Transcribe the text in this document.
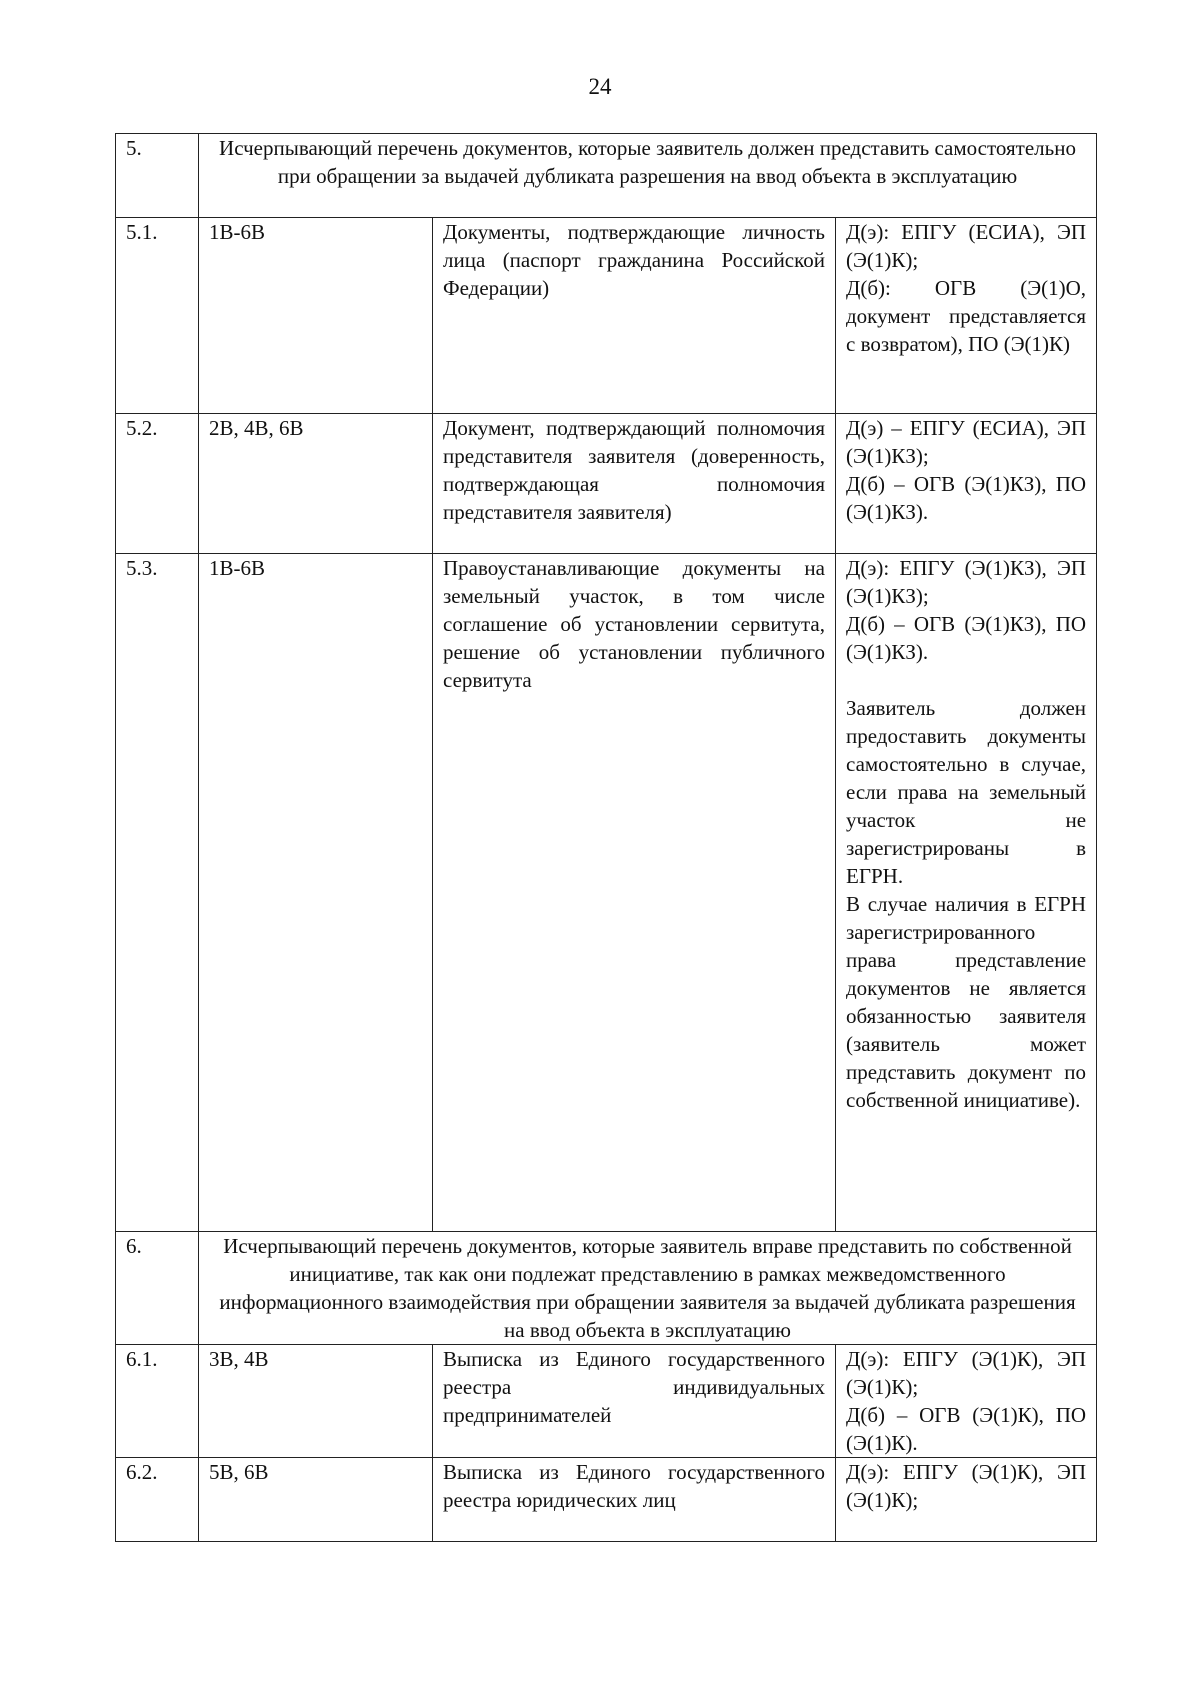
24
5.	Исчерпывающий перечень документов, которые заявитель должен представить самостоятельно при обращении за выдачей дубликата разрешения на ввод объекта в эксплуатацию		
5.1.	1В-6В	Документы, подтверждающие личность лица (паспорт гражданина Российской Федерации)	Д(э): ЕПГУ (ЕСИА), ЭП (Э(1)К);

Д(б): ОГВ (Э(1)О, документ представляется с возвратом), ПО (Э(1)К)

5.2.	2В, 4В, 6В	Документ, подтверждающий полномочия представителя заявителя (доверенность, подтверждающая полномочия представителя заявителя)	Д(э) – ЕПГУ (ЕСИА), ЭП (Э(1)КЗ);

Д(б) – ОГВ (Э(1)КЗ), ПО (Э(1)КЗ).

5.3.	1В-6В	Правоустанавливающие документы на земельный участок, в том числе соглашение об установлении сервитута, решение об установлении публичного сервитута	Д(э): ЕПГУ (Э(1)КЗ), ЭП (Э(1)КЗ);

Д(б) – ОГВ (Э(1)КЗ), ПО (Э(1)КЗ).

Заявитель должен предоставить документы самостоятельно в случае, если права на земельный участок не зарегистрированы в ЕГРН.

В случае наличия в ЕГРН зарегистрированного права представление документов не является обязанностью заявителя (заявитель может представить документ по собственной инициативе).

6.	Исчерпывающий перечень документов, которые заявитель вправе представить по собственной инициативе, так как они подлежат представлению в рамках межведомственного информационного взаимодействия при обращении заявителя за выдачей дубликата разрешения на ввод объекта в эксплуатацию		
6.1.	3В, 4В	Выписка из Единого государственного реестра индивидуальных предпринимателей	Д(э): ЕПГУ (Э(1)К), ЭП (Э(1)К);

Д(б) – ОГВ (Э(1)К), ПО (Э(1)К).

6.2.	5В, 6В	Выписка из Единого государственного реестра юридических лиц	Д(э): ЕПГУ (Э(1)К), ЭП (Э(1)К);
